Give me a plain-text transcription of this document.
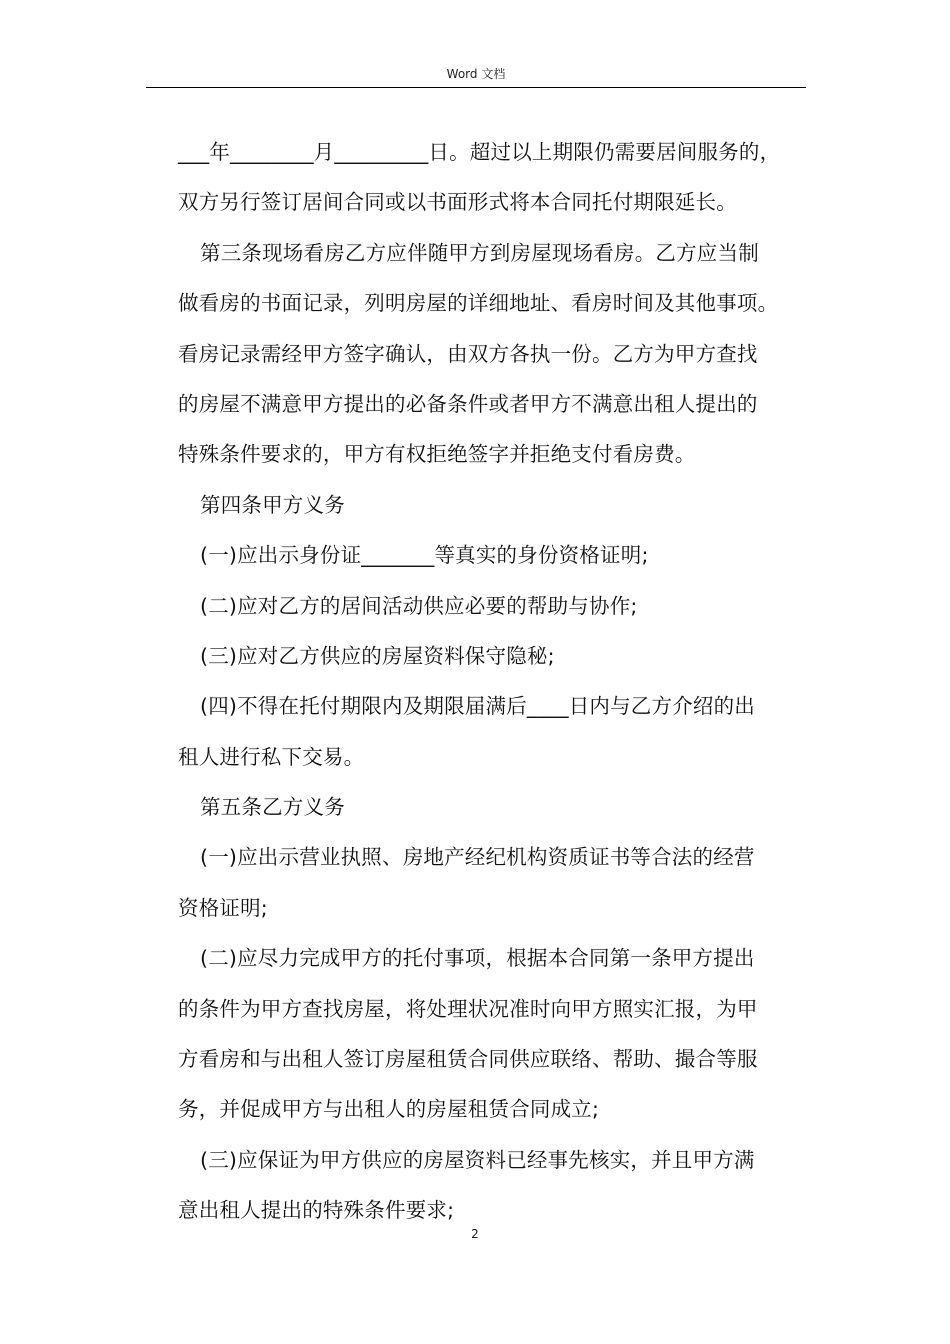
Word 文档
___年________月_________日。超过以上期限仍需要居间服务的，
双方另行签订居间合同或以书面形式将本合同托付期限延长。
第三条现场看房乙方应伴随甲方到房屋现场看房。乙方应当制
做看房的书面记录，列明房屋的详细地址、看房时间及其他事项。
看房记录需经甲方签字确认，由双方各执一份。乙方为甲方查找
的房屋不满意甲方提出的必备条件或者甲方不满意出租人提出的
特殊条件要求的，甲方有权拒绝签字并拒绝支付看房费。
第四条甲方义务
(一)应出示身份证_______等真实的身份资格证明;
(二)应对乙方的居间活动供应必要的帮助与协作;
(三)应对乙方供应的房屋资料保守隐秘;
(四)不得在托付期限内及期限届满后____日内与乙方介绍的出
租人进行私下交易。
第五条乙方义务
(一)应出示营业执照、房地产经纪机构资质证书等合法的经营
资格证明;
(二)应尽力完成甲方的托付事项，根据本合同第一条甲方提出
的条件为甲方查找房屋，将处理状况准时向甲方照实汇报，为甲
方看房和与出租人签订房屋租赁合同供应联络、帮助、撮合等服
务，并促成甲方与出租人的房屋租赁合同成立;
(三)应保证为甲方供应的房屋资料已经事先核实，并且甲方满
意出租人提出的特殊条件要求;
2
